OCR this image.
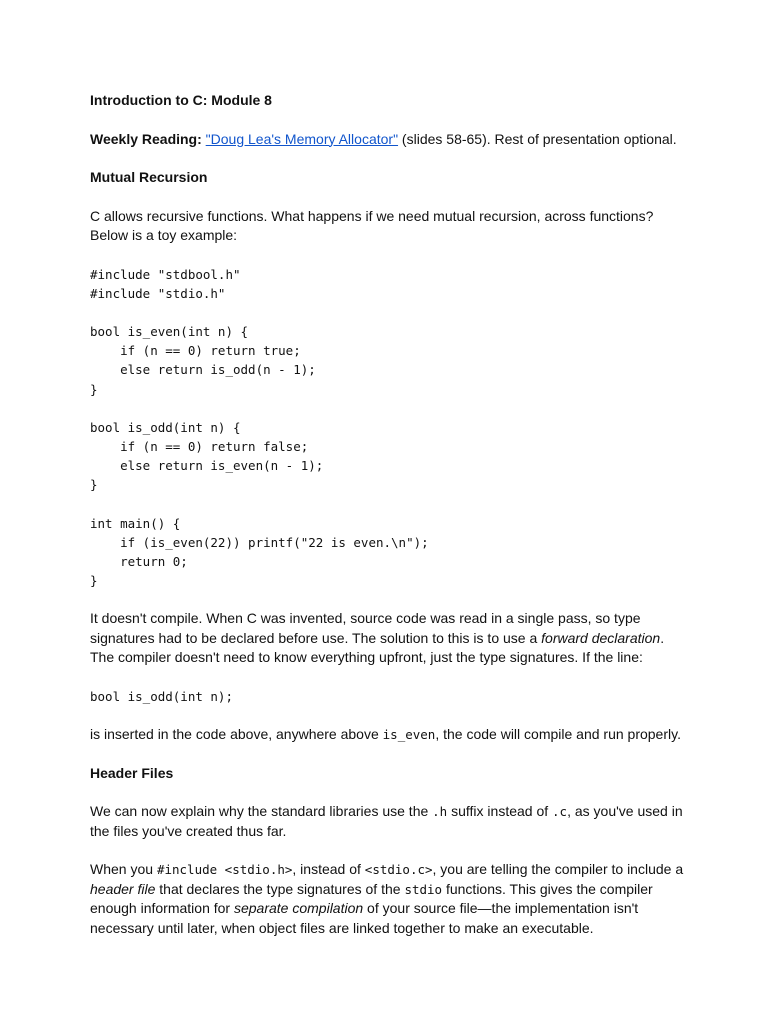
Introduction to C: Module 8
Weekly Reading: "Doug Lea's Memory Allocator" (slides 58-65). Rest of presentation optional.
Mutual Recursion
C allows recursive functions. What happens if we need mutual recursion, across functions? Below is a toy example:
#include "stdbool.h"
#include "stdio.h"
bool is_even(int n) {
if (n == 0) return true;
else return is_odd(n - 1);
}
bool is_odd(int n) {
if (n == 0) return false;
else return is_even(n - 1);
}
int main() {
if (is_even(22)) printf("22 is even.\n");
return 0;
}
It doesn't compile. When C was invented, source code was read in a single pass, so type signatures had to be declared before use. The solution to this is to use a forward declaration. The compiler doesn't need to know everything upfront, just the type signatures. If the line:
bool is_odd(int n);
is inserted in the code above, anywhere above is_even, the code will compile and run properly.
Header Files
We can now explain why the standard libraries use the .h suffix instead of .c, as you've used in the files you've created thus far.
When you #include <stdio.h>, instead of <stdio.c>, you are telling the compiler to include a header file that declares the type signatures of the stdio functions. This gives the compiler enough information for separate compilation of your source file—the implementation isn't necessary until later, when object files are linked together to make an executable.
